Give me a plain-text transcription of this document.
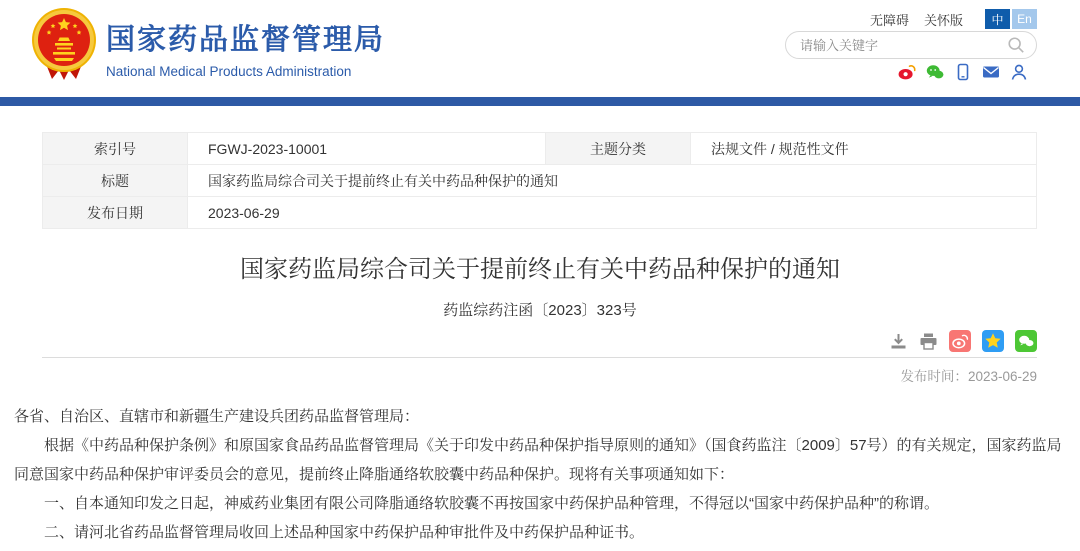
国家药品监督管理局
National Medical Products Administration
无障碍 关怀版	中	En
请输入关键字
索引号	FGWJ-2023-10001	主题分类	法规文件 / 规范性文件
标题	国家药监局综合司关于提前终止有关中药品种保护的通知		
发布日期	2023-06-29		
国家药监局综合司关于提前终止有关中药品种保护的通知
药监综药注函〔2023〕323号
发布时间：2023-06-29

各省、自治区、直辖市和新疆生产建设兵团药品监督管理局：

根据《中药品种保护条例》和原国家食品药品监督管理局《关于印发中药品种保护指导原则的通知》（国食药监注〔2009〕57号）的有关规定，国家药监局同意国家中药品种保护审评委员会的意见，提前终止降脂通络软胶囊中药品种保护。现将有关事项通知如下：

一、自本通知印发之日起，神威药业集团有限公司降脂通络软胶囊不再按国家中药保护品种管理，不得冠以“国家中药保护品种”的称谓。

二、请河北省药品监督管理局收回上述品种国家中药保护品种审批件及中药保护品种证书。
